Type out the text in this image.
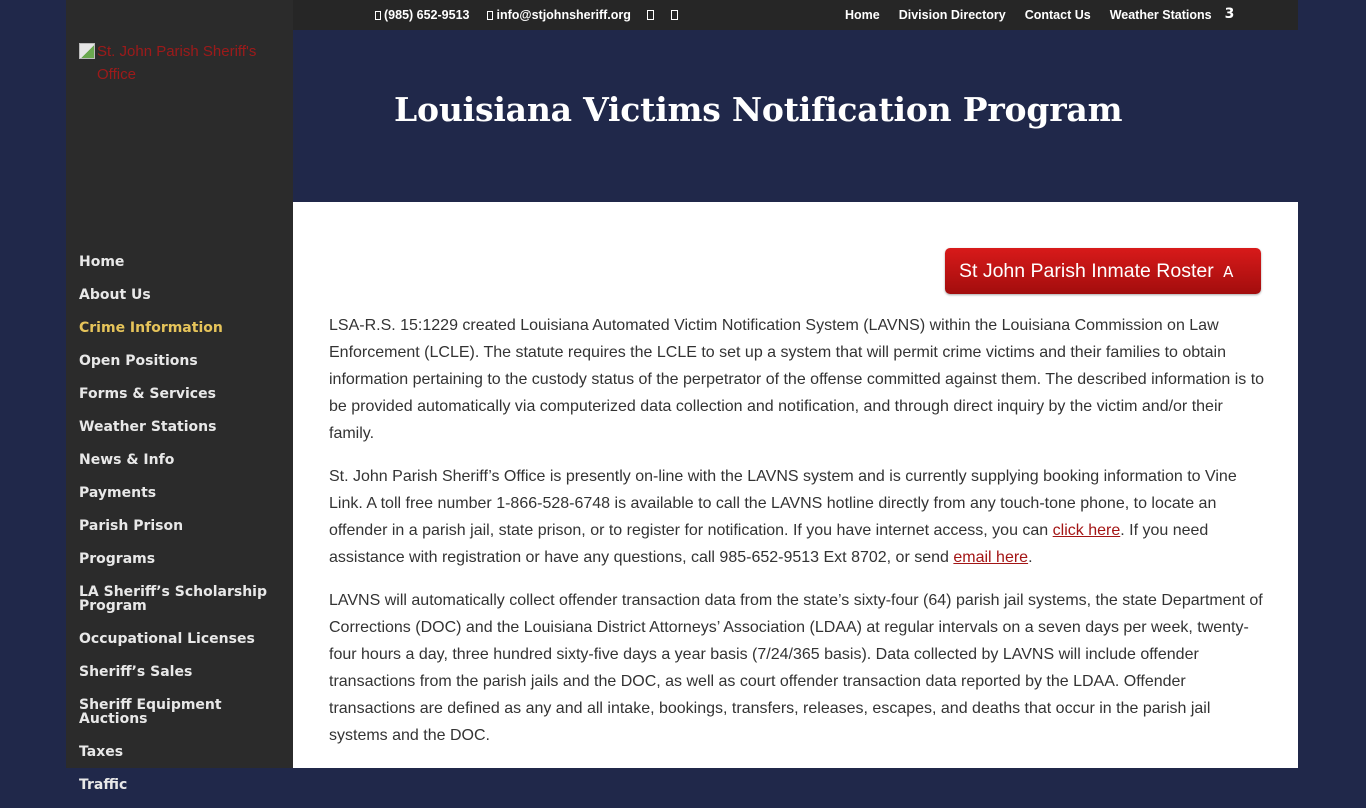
St. John Parish Sheriff's Office
Home
About Us
Crime Information
Open Positions
Forms & Services
Weather Stations
News & Info
Payments
Parish Prison
Programs
LA Sheriff’s Scholarship Program
Occupational Licenses
Sheriff’s Sales
Sheriff Equipment Auctions
Taxes
Traffic
(985) 652-9513	info@stjohnsheriff.org	Home Division Directory Contact Us Weather Stations 3
Louisiana Victims Notification Program
St John Parish Inmate Roster A

LSA-R.S. 15:1229 created Louisiana Automated Victim Notification System (LAVNS) within the Louisiana Commission on Law Enforcement (LCLE). The statute requires the LCLE to set up a system that will permit crime victims and their families to obtain information pertaining to the custody status of the perpetrator of the offense committed against them. The described information is to be provided automatically via computerized data collection and notification, and through direct inquiry by the victim and/or their family.

St. John Parish Sheriff’s Office is presently on-line with the LAVNS system and is currently supplying booking information to Vine Link. A toll free number 1-866-528-6748 is available to call the LAVNS hotline directly from any touch-tone phone, to locate an offender in a parish jail, state prison, or to register for notification. If you have internet access, you can click here. If you need assistance with registration or have any questions, call 985-652-9513 Ext 8702, or send email here.

LAVNS will automatically collect offender transaction data from the state’s sixty-four (64) parish jail systems, the state Department of Corrections (DOC) and the Louisiana District Attorneys’ Association (LDAA) at regular intervals on a seven days per week, twenty-four hours a day, three hundred sixty-five days a year basis (7/24/365 basis). Data collected by LAVNS will include offender transactions from the parish jails and the DOC, as well as court offender transaction data reported by the LDAA. Offender transactions are defined as any and all intake, bookings, transfers, releases, escapes, and deaths that occur in the parish jail systems and the DOC.
